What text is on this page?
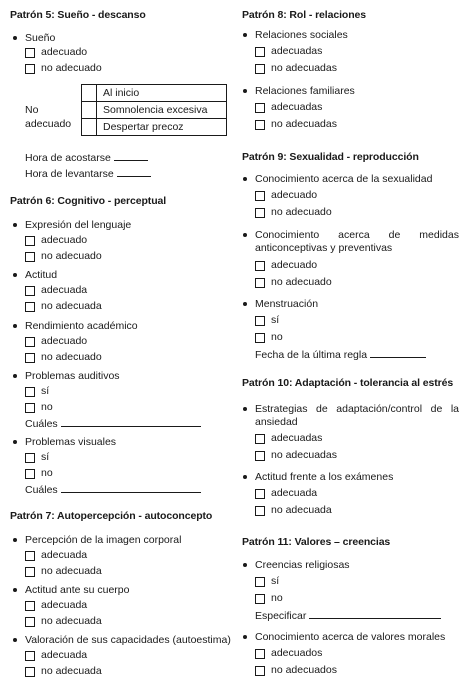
Patrón 5: Sueño - descanso
Sueño
adecuado
no adecuado
No
adecuado
	Al inicio
	Somnolencia excesiva
	Despertar precoz
Hora de acostarse
Hora de levantarse
Patrón 6: Cognitivo - perceptual
Expresión del lenguaje
adecuado
no adecuado
Actitud
adecuada
no adecuada
Rendimiento académico
adecuado
no adecuado
Problemas auditivos
sí
no
Cuáles
Problemas visuales
sí
no
Cuáles
Patrón 7: Autopercepción - autoconcepto
Percepción de la imagen corporal
adecuada
no adecuada
Actitud ante su cuerpo
adecuada
no adecuada
Valoración de sus capacidades (autoestima)
adecuada
no adecuada
Patrón 8: Rol - relaciones
Relaciones sociales
adecuadas
no adecuadas
Relaciones familiares
adecuadas
no adecuadas
Patrón 9: Sexualidad - reproducción
Conocimiento acerca de la sexualidad
adecuado
no adecuado
Conocimiento acerca de medidas anticonceptivas y preventivas
adecuado
no adecuado
Menstruación
sí
no
Fecha de la última regla
Patrón 10: Adaptación - tolerancia al estrés
Estrategias de adaptación/control de la ansiedad
adecuadas
no adecuadas
Actitud frente a los exámenes
adecuada
no adecuada
Patrón 11: Valores – creencias
Creencias religiosas
sí
no
Especificar
Conocimiento acerca de valores morales
adecuados
no adecuados
